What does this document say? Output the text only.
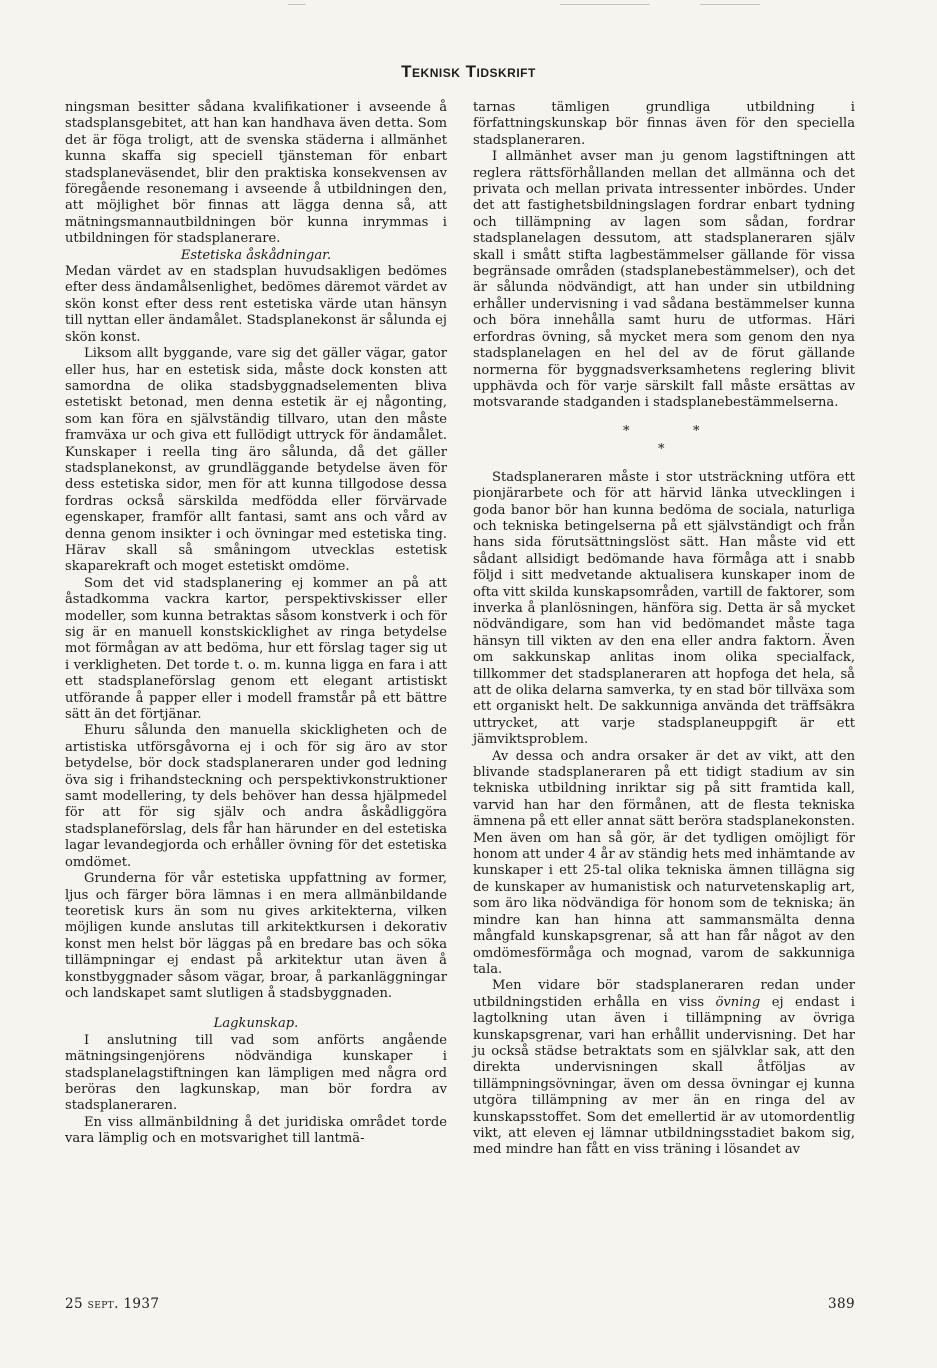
Teknisk Tidskrift

ningsman besitter sådana kvalifikationer i avseende å stadsplansgebitet, att han kan handhava även detta. Som det är föga troligt, att de svenska städerna i allmänhet kunna skaffa sig speciell tjänsteman för enbart stadsplaneväsendet, blir den praktiska konsekvensen av föregående resonemang i avseende å utbildningen den, att möjlighet bör finnas att lägga denna så, att mätningsmannautbildningen bör kunna inrymmas i utbildningen för stadsplanerare.

Estetiska åskådningar.

Medan värdet av en stadsplan huvudsakligen bedömes efter dess ändamålsenlighet, bedömes däremot värdet av skön konst efter dess rent estetiska värde utan hänsyn till nyttan eller ändamålet. Stadsplanekonst är sålunda ej skön konst.

Liksom allt byggande, vare sig det gäller vägar, gator eller hus, har en estetisk sida, måste dock konsten att samordna de olika stadsbyggnadselementen bliva estetiskt betonad, men denna estetik är ej någonting, som kan föra en självständig tillvaro, utan den måste framväxa ur och giva ett fullödigt uttryck för ändamålet. Kunskaper i reella ting äro sålunda, då det gäller stadsplanekonst, av grundläggande betydelse även för dess estetiska sidor, men för att kunna tillgodose dessa fordras också särskilda medfödda eller förvärvade egenskaper, framför allt fantasi, samt ans och vård av denna genom insikter i och övningar med estetiska ting. Härav skall så småningom utvecklas estetisk skaparekraft och moget estetiskt omdöme.

Som det vid stadsplanering ej kommer an på att åstadkomma vackra kartor, perspektivskisser eller modeller, som kunna betraktas såsom konstverk i och för sig är en manuell konstskicklighet av ringa betydelse mot förmågan av att bedöma, hur ett förslag tager sig ut i verkligheten. Det torde t. o. m. kunna ligga en fara i att ett stadsplaneförslag genom ett elegant artistiskt utförande å papper eller i modell framstår på ett bättre sätt än det förtjänar.

Ehuru sålunda den manuella skickligheten och de artistiska utförsgåvorna ej i och för sig äro av stor betydelse, bör dock stadsplaneraren under god ledning öva sig i frihandsteckning och perspektivkonstruktioner samt modellering, ty dels behöver han dessa hjälpmedel för att för sig själv och andra åskådliggöra stadsplaneförslag, dels får han härunder en del estetiska lagar levandegjorda och erhåller övning för det estetiska omdömet.

Grunderna för vår estetiska uppfattning av former, ljus och färger böra lämnas i en mera allmänbildande teoretisk kurs än som nu gives arkitekterna, vilken möjligen kunde anslutas till arkitektkursen i dekorativ konst men helst bör läggas på en bredare bas och söka tillämpningar ej endast på arkitektur utan även å konstbyggnader såsom vägar, broar, å parkanläggningar och landskapet samt slutligen å stadsbyggnaden.

Lagkunskap.

I anslutning till vad som anförts angående mätningsingenjörens nödvändiga kunskaper i stadsplanelagstiftningen kan lämpligen med några ord beröras den lagkunskap, man bör fordra av stadsplaneraren.

En viss allmänbildning å det juridiska området torde vara lämplig och en motsvarighet till lantmä-

tarnas tämligen grundliga utbildning i författningskunskap bör finnas även för den speciella stadsplaneraren.

I allmänhet avser man ju genom lagstiftningen att reglera rättsförhållanden mellan det allmänna och det privata och mellan privata intressenter inbördes. Under det att fastighetsbildningslagen fordrar enbart tydning och tillämpning av lagen som sådan, fordrar stadsplanelagen dessutom, att stadsplaneraren själv skall i smått stifta lagbestämmelser gällande för vissa begränsade områden (stadsplanebestämmelser), och det är sålunda nödvändigt, att han under sin utbildning erhåller undervisning i vad sådana bestämmelser kunna och böra innehålla samt huru de utformas. Häri erfordras övning, så mycket mera som genom den nya stadsplanelagen en hel del av de förut gällande normerna för byggnadsverksamhetens reglering blivit upphävda och för varje särskilt fall måste ersättas av motsvarande stadganden i stadsplanebestämmelserna.

*	*
*

Stadsplaneraren måste i stor utsträckning utföra ett pionjärarbete och för att härvid länka utvecklingen i goda banor bör han kunna bedöma de sociala, naturliga och tekniska betingelserna på ett självständigt och från hans sida förutsättningslöst sätt. Han måste vid ett sådant allsidigt bedömande hava förmåga att i snabb följd i sitt medvetande aktualisera kunskaper inom de ofta vitt skilda kunskapsområden, vartill de faktorer, som inverka å planlösningen, hänföra sig. Detta är så mycket nödvändigare, som han vid bedömandet måste taga hänsyn till vikten av den ena eller andra faktorn. Även om sakkunskap anlitas inom olika specialfack, tillkommer det stadsplaneraren att hopfoga det hela, så att de olika delarna samverka, ty en stad bör tillväxa som ett organiskt helt. De sakkunniga använda det träffsäkra uttrycket, att varje stadsplaneuppgift är ett jämviktsproblem.

Av dessa och andra orsaker är det av vikt, att den blivande stadsplaneraren på ett tidigt stadium av sin tekniska utbildning inriktar sig på sitt framtida kall, varvid han har den förmånen, att de flesta tekniska ämnena på ett eller annat sätt beröra stadsplanekonsten. Men även om han så gör, är det tydligen omöjligt för honom att under 4 år av ständig hets med inhämtande av kunskaper i ett 25-tal olika tekniska ämnen tillägna sig de kunskaper av humanistisk och naturvetenskaplig art, som äro lika nödvändiga för honom som de tekniska; än mindre kan han hinna att sammansmälta denna mångfald kunskapsgrenar, så att han får något av den omdömesförmåga och mognad, varom de sakkunniga tala.

Men vidare bör stadsplaneraren redan under utbildningstiden erhålla en viss övning ej endast i lagtolkning utan även i tillämpning av övriga kunskapsgrenar, vari han erhållit undervisning. Det har ju också städse betraktats som en självklar sak, att den direkta undervisningen skall åtföljas av tillämpningsövningar, även om dessa övningar ej kunna utgöra tillämpning av mer än en ringa del av kunskapsstoffet. Som det emellertid är av utomordentlig vikt, att eleven ej lämnar utbildningsstadiet bakom sig, med mindre han fått en viss träning i lösandet av

25 sept. 1937	389
